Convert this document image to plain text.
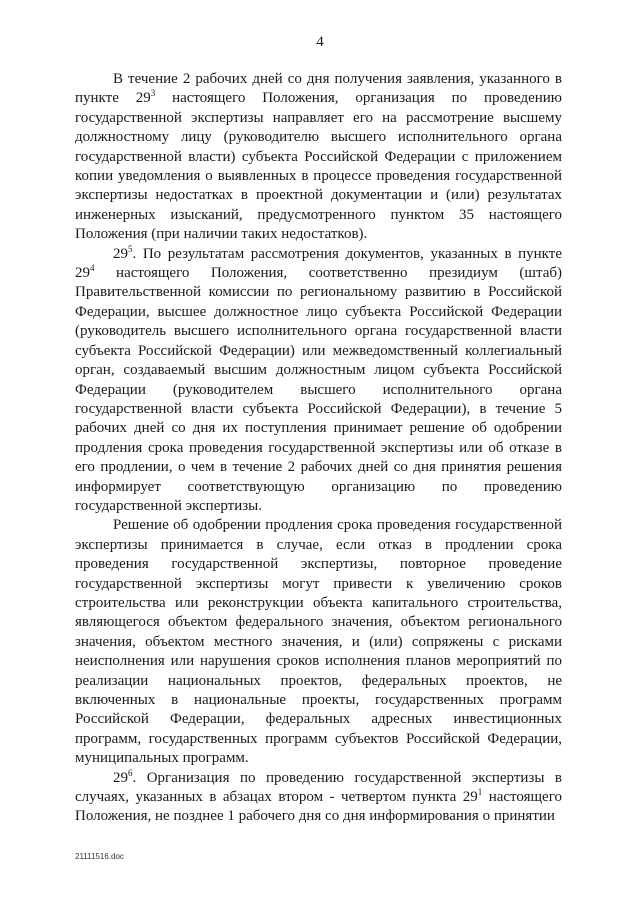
4

В течение 2 рабочих дней со дня получения заявления, указанного в пункте $29^3$ настоящего Положения, организация по проведению государственной экспертизы направляет его на рассмотрение высшему должностному лицу (руководителю высшего исполнительного органа государственной власти) субъекта Российской Федерации с приложением копии уведомления о выявленных в процессе проведения государственной экспертизы недостатках в проектной документации и (или) результатах инженерных изысканий, предусмотренного пунктом 35 настоящего Положения (при наличии таких недостатков).

$29^5$. По результатам рассмотрения документов, указанных в пункте $29^4$ настоящего Положения, соответственно президиум (штаб) Правительственной комиссии по региональному развитию в Российской Федерации, высшее должностное лицо субъекта Российской Федерации (руководитель высшего исполнительного органа государственной власти субъекта Российской Федерации) или межведомственный коллегиальный орган, создаваемый высшим должностным лицом субъекта Российской Федерации (руководителем высшего исполнительного органа государственной власти субъекта Российской Федерации), в течение 5 рабочих дней со дня их поступления принимает решение об одобрении продления срока проведения государственной экспертизы или об отказе в его продлении, о чем в течение 2 рабочих дней со дня принятия решения информирует соответствующую организацию по проведению государственной экспертизы.

Решение об одобрении продления срока проведения государственной экспертизы принимается в случае, если отказ в продлении срока проведения государственной экспертизы, повторное проведение государственной экспертизы могут привести к увеличению сроков строительства или реконструкции объекта капитального строительства, являющегося объектом федерального значения, объектом регионального значения, объектом местного значения, и (или) сопряжены с рисками неисполнения или нарушения сроков исполнения планов мероприятий по реализации национальных проектов, федеральных проектов, не включенных в национальные проекты, государственных программ Российской Федерации, федеральных адресных инвестиционных программ, государственных программ субъектов Российской Федерации, муниципальных программ.

$29^6$. Организация по проведению государственной экспертизы в случаях, указанных в абзацах втором - четвертом пункта $29^1$ настоящего Положения, не позднее 1 рабочего дня со дня информирования о принятии

21111516.doc
